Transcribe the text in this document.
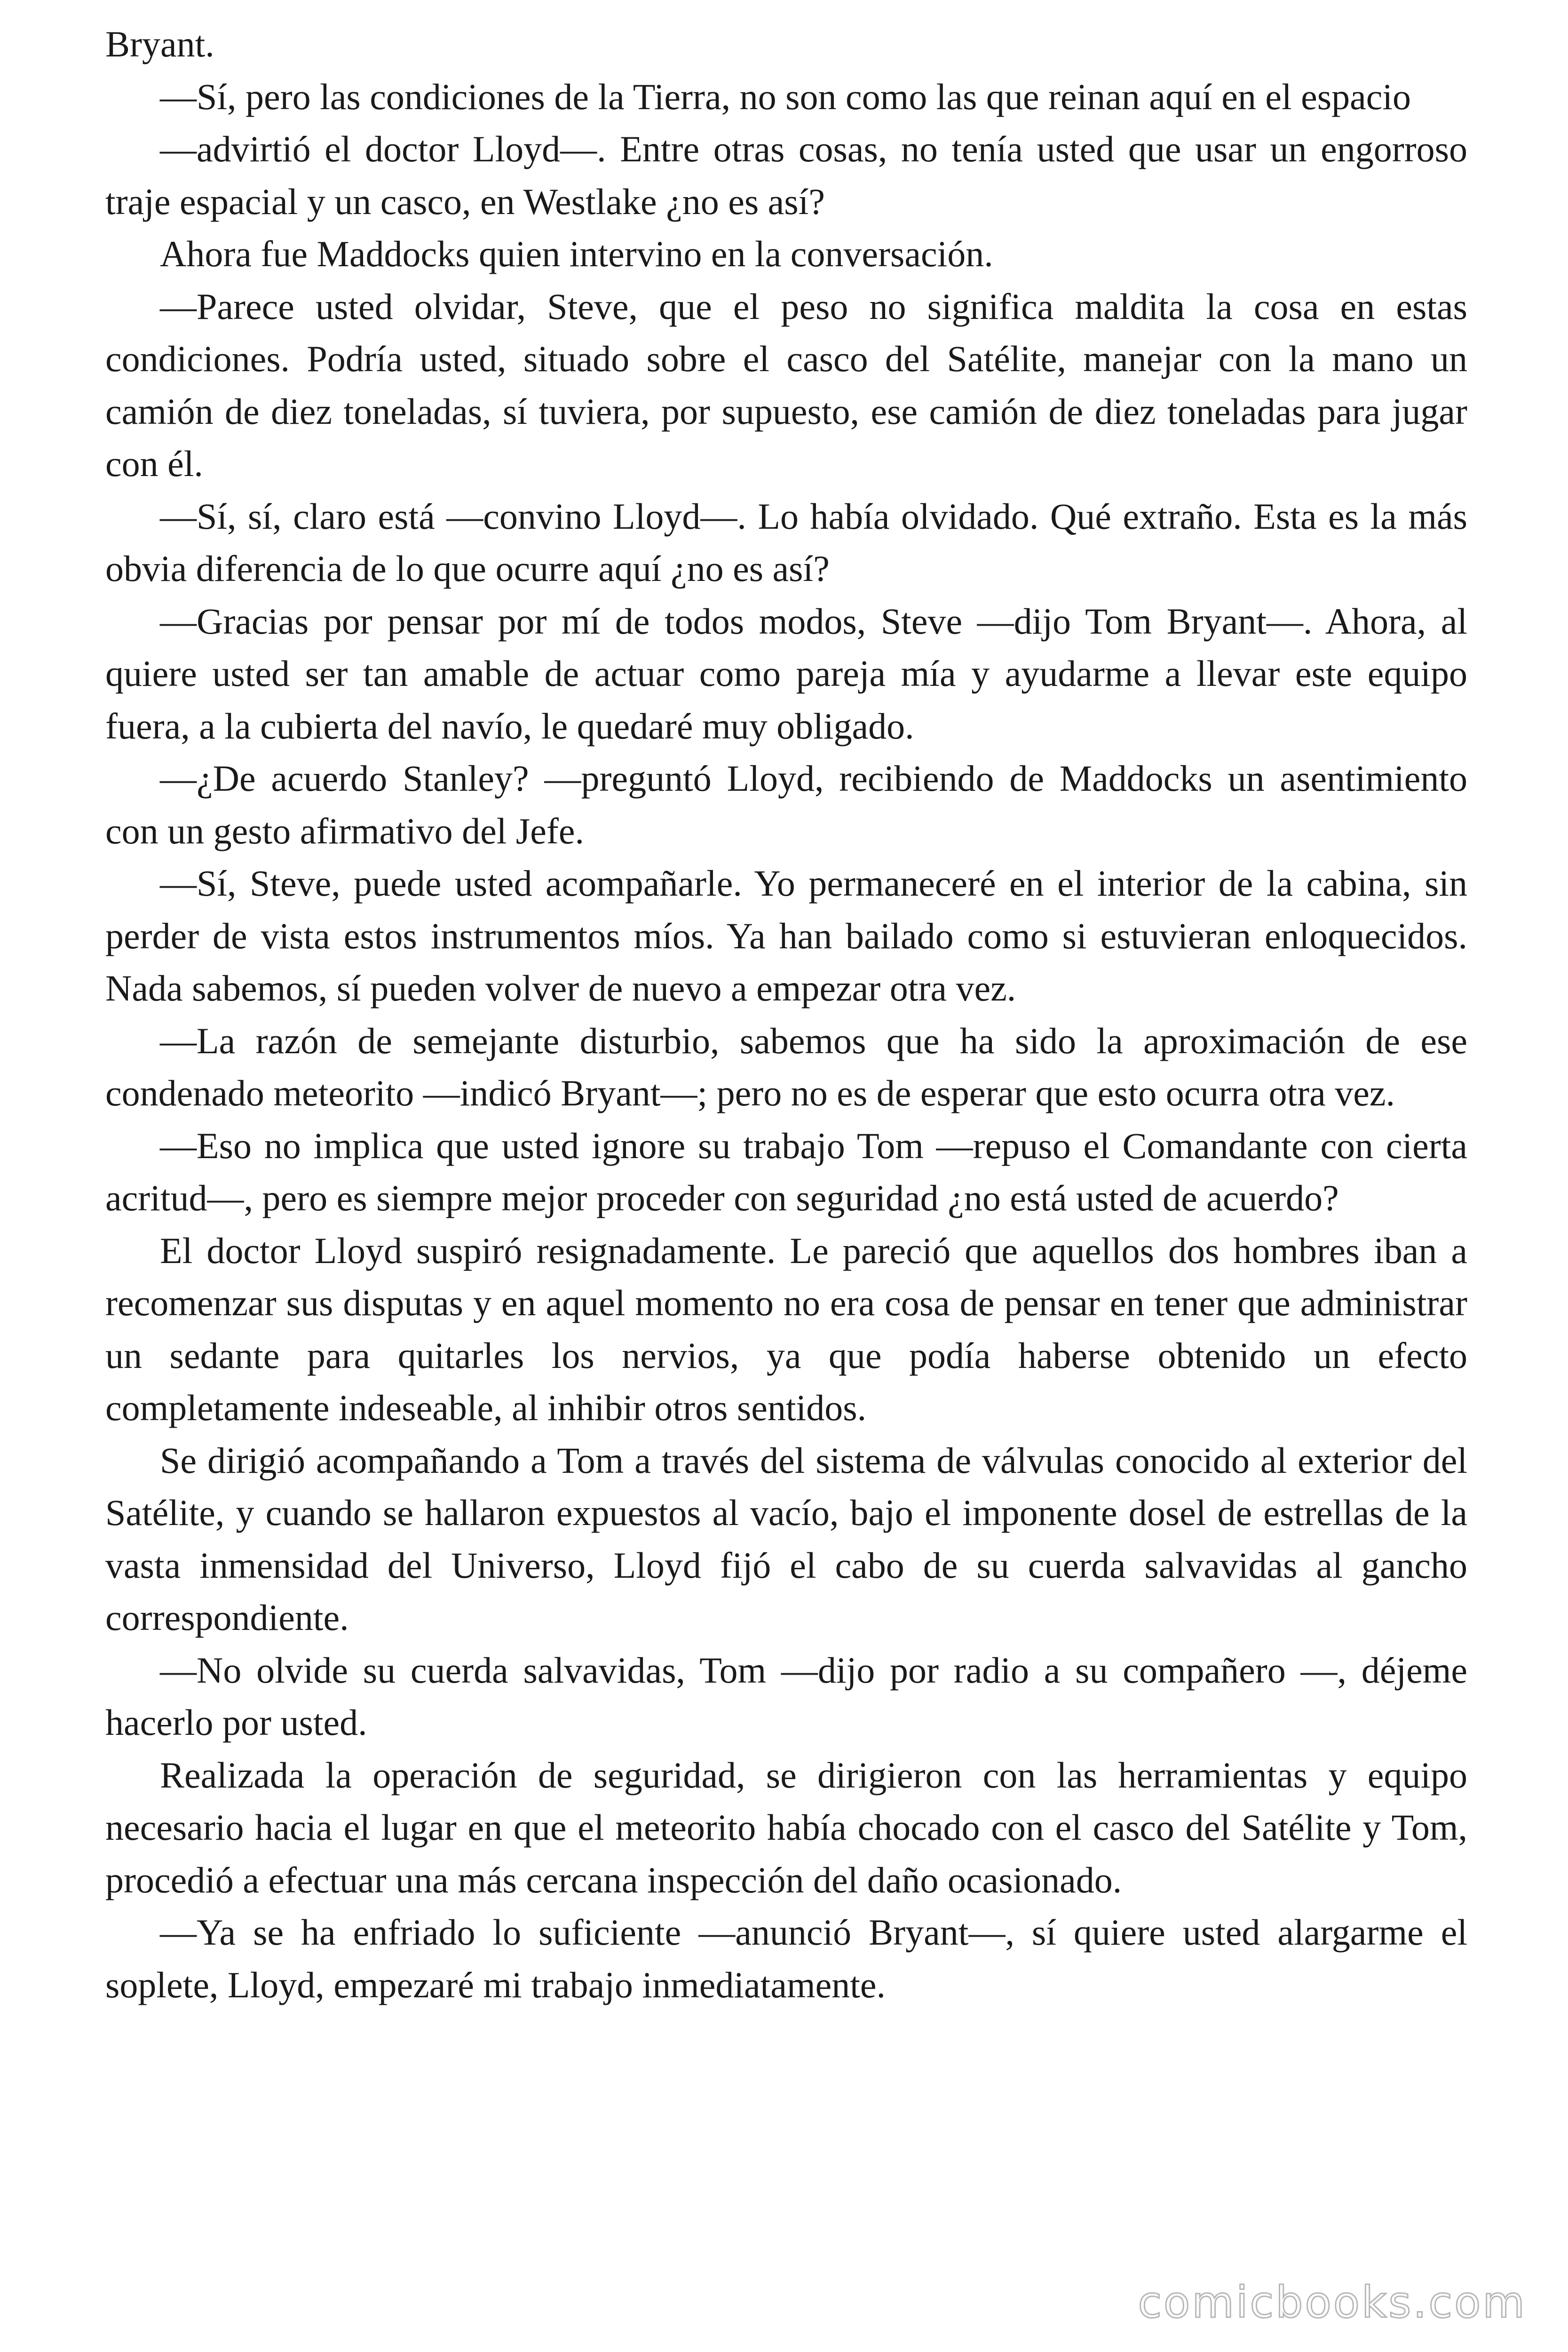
Bryant.

—Sí, pero las condiciones de la Tierra, no son como las que reinan aquí en el espacio

—advirtió el doctor Lloyd—. Entre otras cosas, no tenía usted que usar un engorroso traje espacial y un casco, en Westlake ¿no es así?

Ahora fue Maddocks quien intervino en la conversación.

—Parece usted olvidar, Steve, que el peso no significa maldita la cosa en estas condiciones. Podría usted, situado sobre el casco del Satélite, manejar con la mano un camión de diez toneladas, sí tuviera, por supuesto, ese camión de diez toneladas para jugar con él.

—Sí, sí, claro está —convino Lloyd—. Lo había olvidado. Qué extraño. Esta es la más obvia diferencia de lo que ocurre aquí ¿no es así?

—Gracias por pensar por mí de todos modos, Steve —dijo Tom Bryant—. Ahora, al quiere usted ser tan amable de actuar como pareja mía y ayudarme a llevar este equipo fuera, a la cubierta del navío, le quedaré muy obligado.

—¿De acuerdo Stanley? —preguntó Lloyd, recibiendo de Maddocks un asentimiento con un gesto afirmativo del Jefe.

—Sí, Steve, puede usted acompañarle. Yo permaneceré en el interior de la cabina, sin perder de vista estos instrumentos míos. Ya han bailado como si estuvieran enloquecidos. Nada sabemos, sí pueden volver de nuevo a empezar otra vez.

—La razón de semejante disturbio, sabemos que ha sido la aproximación de ese condenado meteorito —indicó Bryant—; pero no es de esperar que esto ocurra otra vez.

—Eso no implica que usted ignore su trabajo Tom —repuso el Comandante con cierta acritud—, pero es siempre mejor proceder con seguridad ¿no está usted de acuerdo?

El doctor Lloyd suspiró resignadamente. Le pareció que aquellos dos hombres iban a recomenzar sus disputas y en aquel momento no era cosa de pensar en tener que administrar un sedante para quitarles los nervios, ya que podía haberse obtenido un efecto completamente indeseable, al inhibir otros sentidos.

Se dirigió acompañando a Tom a través del sistema de válvulas conocido al exterior del Satélite, y cuando se hallaron expuestos al vacío, bajo el imponente dosel de estrellas de la vasta inmensidad del Universo, Lloyd fijó el cabo de su cuerda salvavidas al gancho correspondiente.

—No olvide su cuerda salvavidas, Tom —dijo por radio a su compañero —, déjeme hacerlo por usted.

Realizada la operación de seguridad, se dirigieron con las herramientas y equipo necesario hacia el lugar en que el meteorito había chocado con el casco del Satélite y Tom, procedió a efectuar una más cercana inspección del daño ocasionado.

—Ya se ha enfriado lo suficiente —anunció Bryant—, sí quiere usted alargarme el soplete, Lloyd, empezaré mi trabajo inmediatamente.

comicbooks.com
